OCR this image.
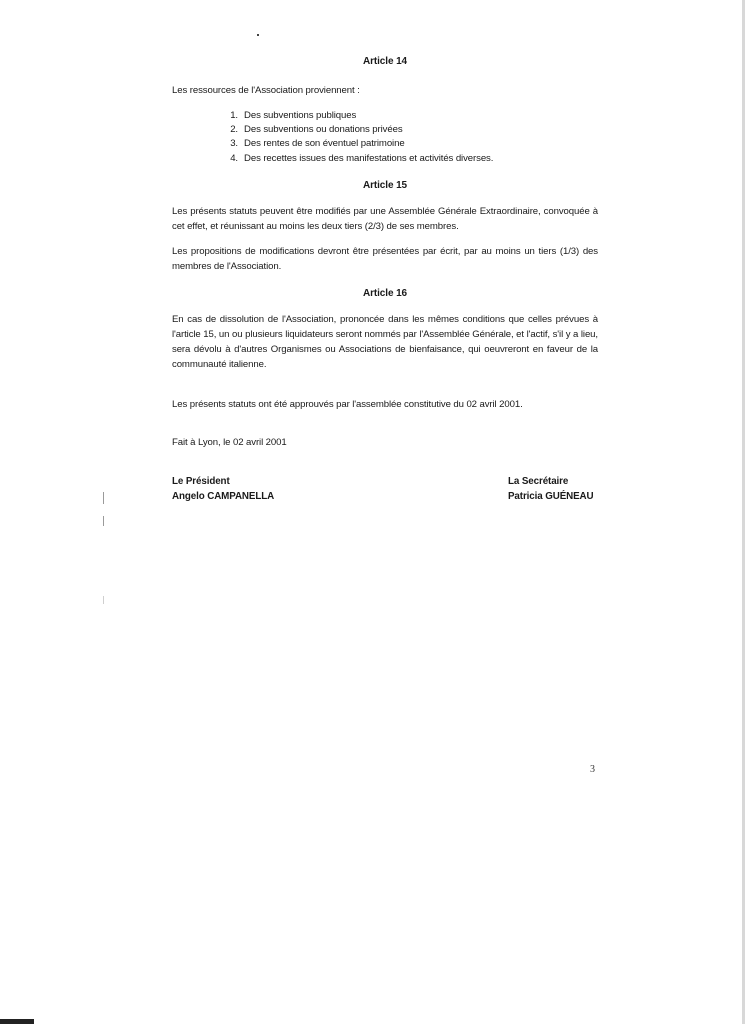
Article 14

Les ressources de l'Association proviennent :

1. Des subventions publiques
2. Des subventions ou donations privées
3. Des rentes de son éventuel patrimoine
4. Des recettes issues des manifestations et activités diverses.
Article 15

Les présents statuts peuvent être modifiés par une Assemblée Générale Extraordinaire, convoquée à cet effet, et réunissant au moins les deux tiers (2/3) de ses membres.

Les propositions de modifications devront être présentées par écrit, par au moins un tiers (1/3) des membres de l'Association.

Article 16

En cas de dissolution de l'Association, prononcée dans les mêmes conditions que celles prévues à l'article 15, un ou plusieurs liquidateurs seront nommés par l'Assemblée Générale, et l'actif, s'il y a lieu, sera dévolu à d'autres Organismes ou Associations de bienfaisance, qui oeuvreront en faveur de la communauté italienne.

Les présents statuts ont été approuvés par l'assemblée constitutive du 02 avril 2001.

Fait à Lyon, le 02 avril 2001

Le Président
Angelo CAMPANELLA
La Secrétaire
Patricia GUÉNEAU
3
